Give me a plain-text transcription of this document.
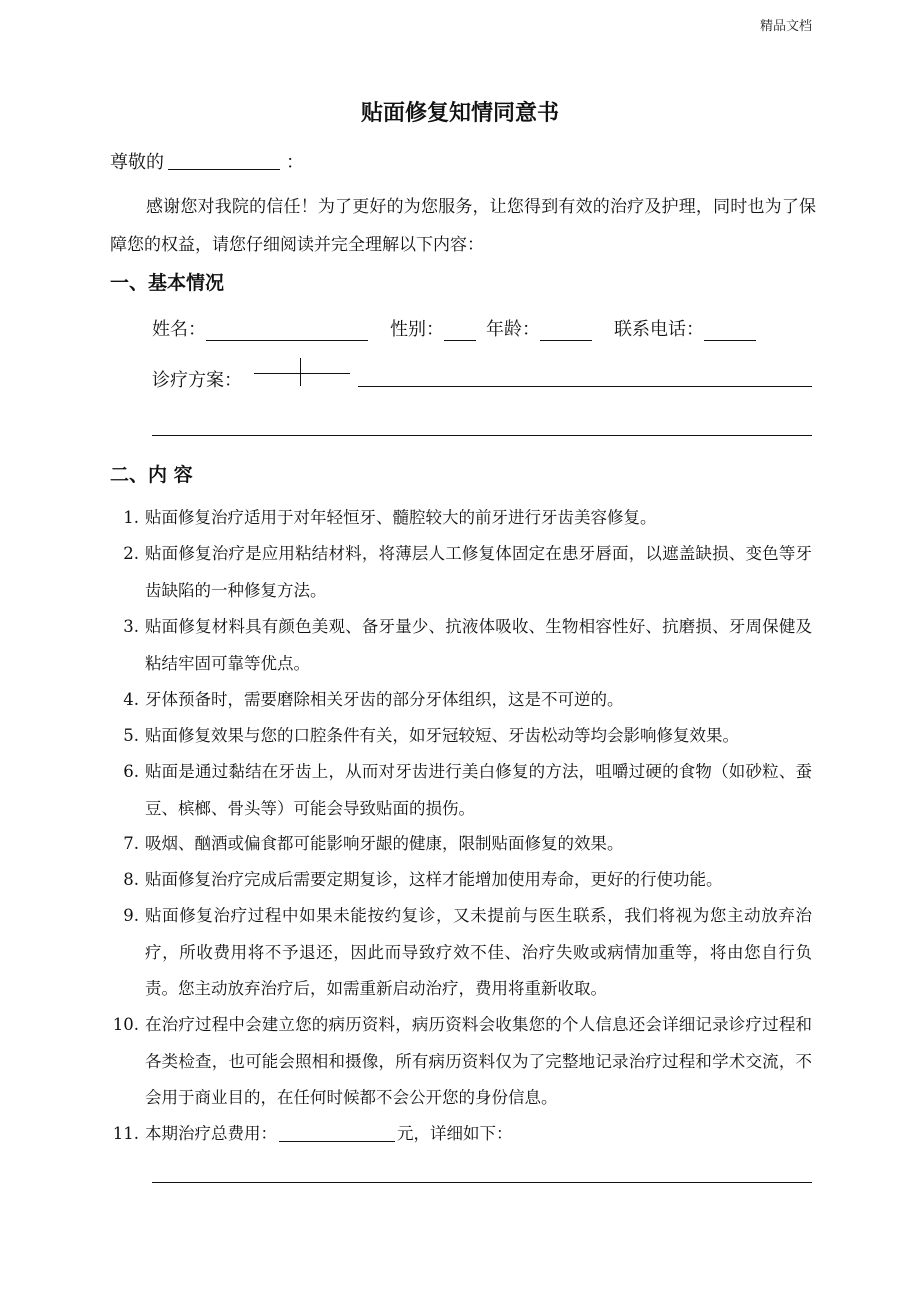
精品文档
贴面修复知情同意书
尊敬的	：
感谢您对我院的信任！为了更好的为您服务，让您得到有效的治疗及护理，同时也为了保障您的权益，请您仔细阅读并完全理解以下内容：
一、基本情况
姓名：	性别： 年龄：	联系电话：
诊疗方案：
二、内 容
1. 贴面修复治疗适用于对年轻恒牙、髓腔较大的前牙进行牙齿美容修复。
2. 贴面修复治疗是应用粘结材料，将薄层人工修复体固定在患牙唇面，以遮盖缺损、变色等牙齿缺陷的一种修复方法。
3. 贴面修复材料具有颜色美观、备牙量少、抗液体吸收、生物相容性好、抗磨损、牙周保健及粘结牢固可靠等优点。
4. 牙体预备时，需要磨除相关牙齿的部分牙体组织，这是不可逆的。
5. 贴面修复效果与您的口腔条件有关，如牙冠较短、牙齿松动等均会影响修复效果。
6. 贴面是通过黏结在牙齿上，从而对牙齿进行美白修复的方法，咀嚼过硬的食物（如砂粒、蚕豆、槟榔、骨头等）可能会导致贴面的损伤。
7. 吸烟、酗酒或偏食都可能影响牙龈的健康，限制贴面修复的效果。
8. 贴面修复治疗完成后需要定期复诊，这样才能增加使用寿命，更好的行使功能。
9. 贴面修复治疗过程中如果未能按约复诊，又未提前与医生联系，我们将视为您主动放弃治疗，所收费用将不予退还，因此而导致疗效不佳、治疗失败或病情加重等，将由您自行负责。您主动放弃治疗后，如需重新启动治疗，费用将重新收取。
10. 在治疗过程中会建立您的病历资料，病历资料会收集您的个人信息还会详细记录诊疗过程和各类检查，也可能会照相和摄像，所有病历资料仅为了完整地记录治疗过程和学术交流，不会用于商业目的，在任何时候都不会公开您的身份信息。
11. 本期治疗总费用：	元，详细如下：
